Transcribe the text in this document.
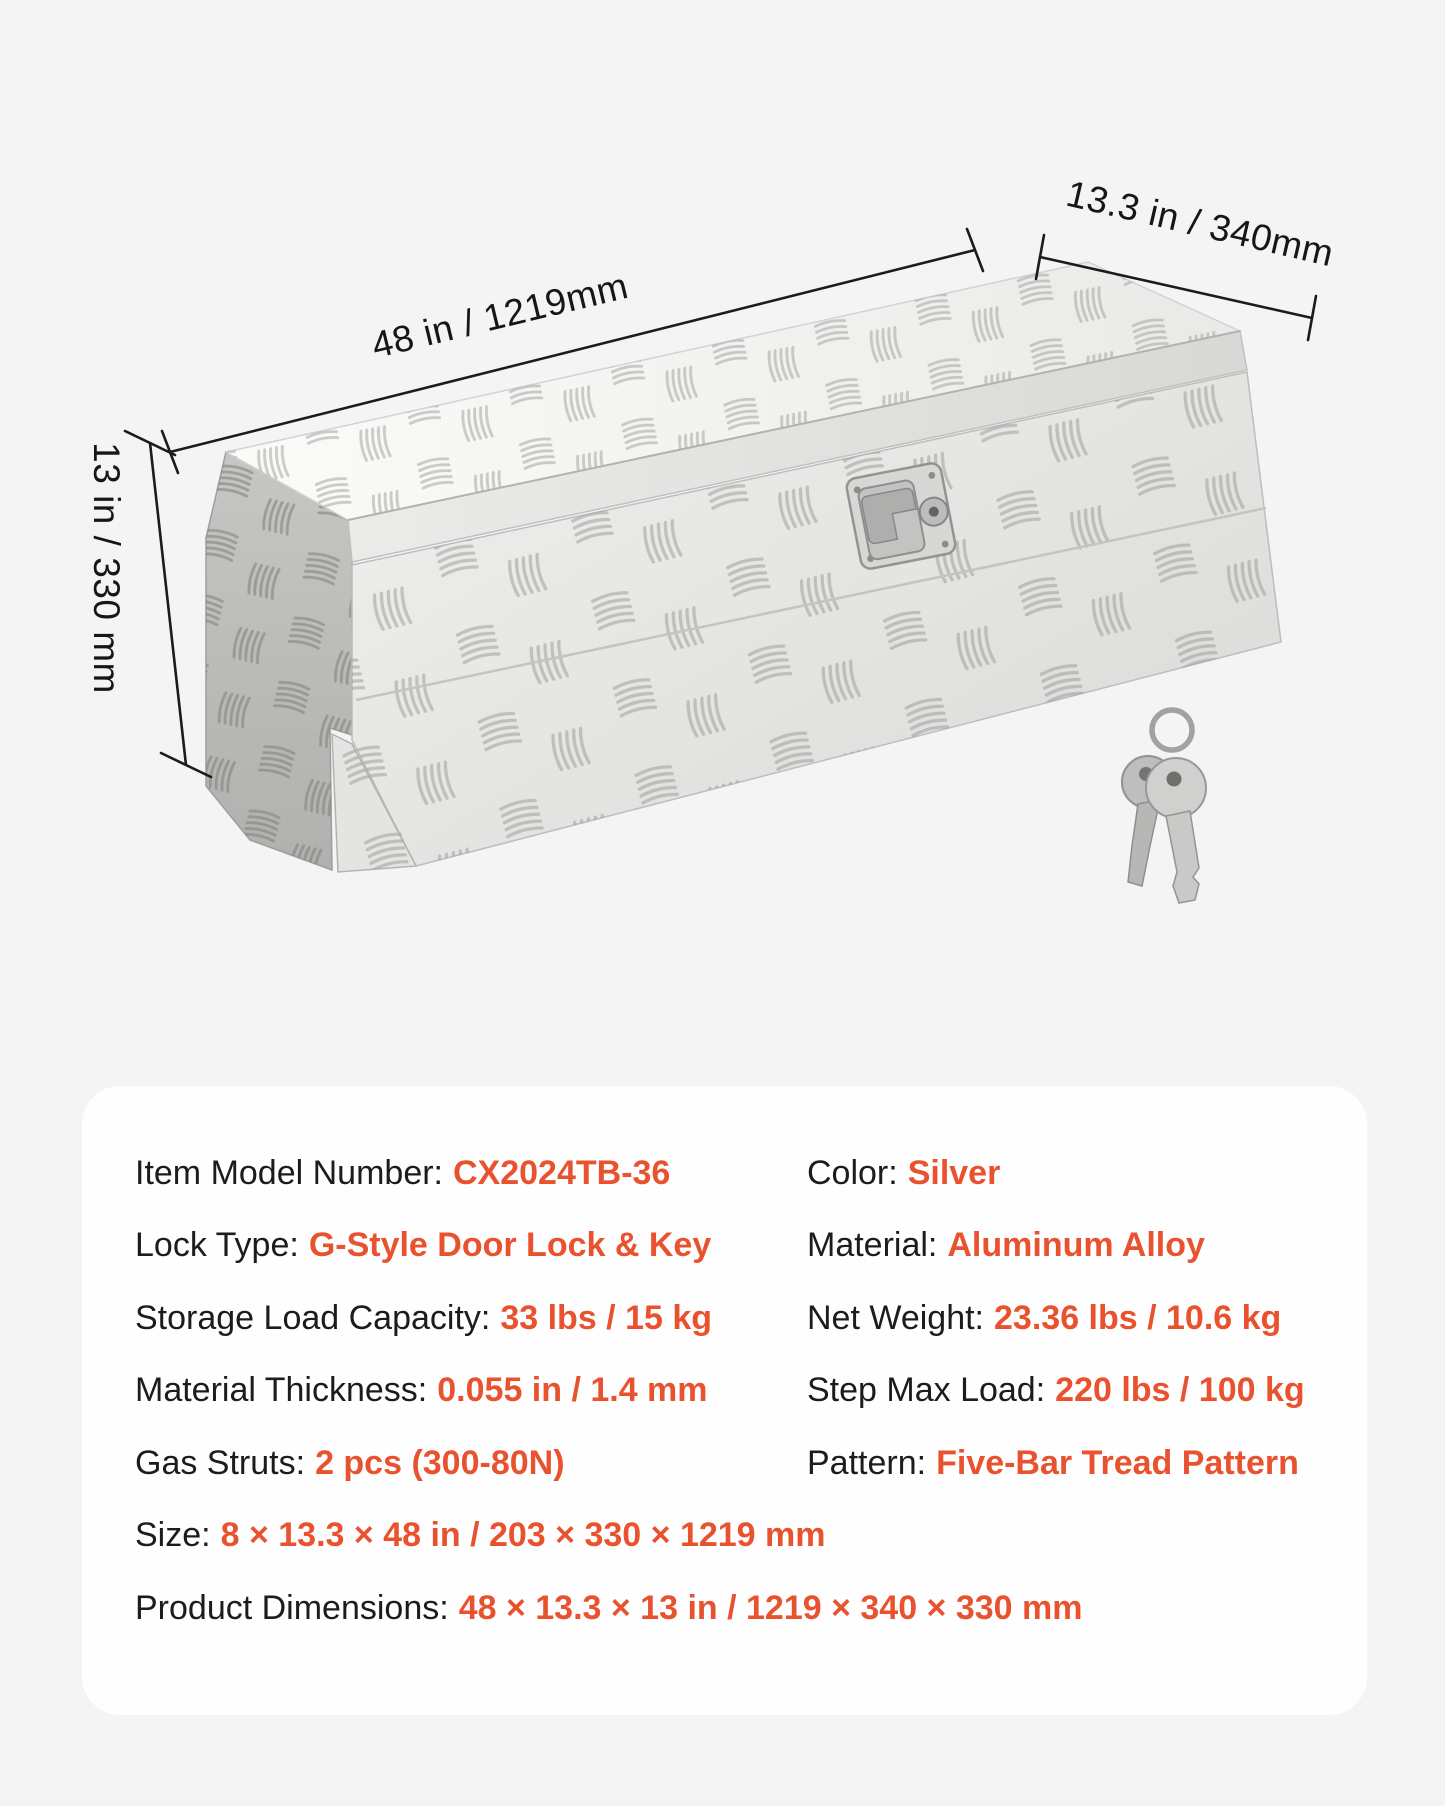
48 in / 1219mm
13.3 in / 340mm
13 in / 330 mm
Item Model Number: CX2024TB-36	Color: Silver
Lock Type: G-Style Door Lock & Key	Material: Aluminum Alloy
Storage Load Capacity: 33 lbs / 15 kg	Net Weight: 23.36 lbs / 10.6 kg
Material Thickness: 0.055 in / 1.4 mm	Step Max Load: 220 lbs / 100 kg
Gas Struts: 2 pcs (300-80N)	Pattern: Five-Bar Tread Pattern
Size: 8 × 13.3 × 48 in / 203 × 330 × 1219 mm
Product Dimensions: 48 × 13.3 × 13 in / 1219 × 340 × 330 mm
